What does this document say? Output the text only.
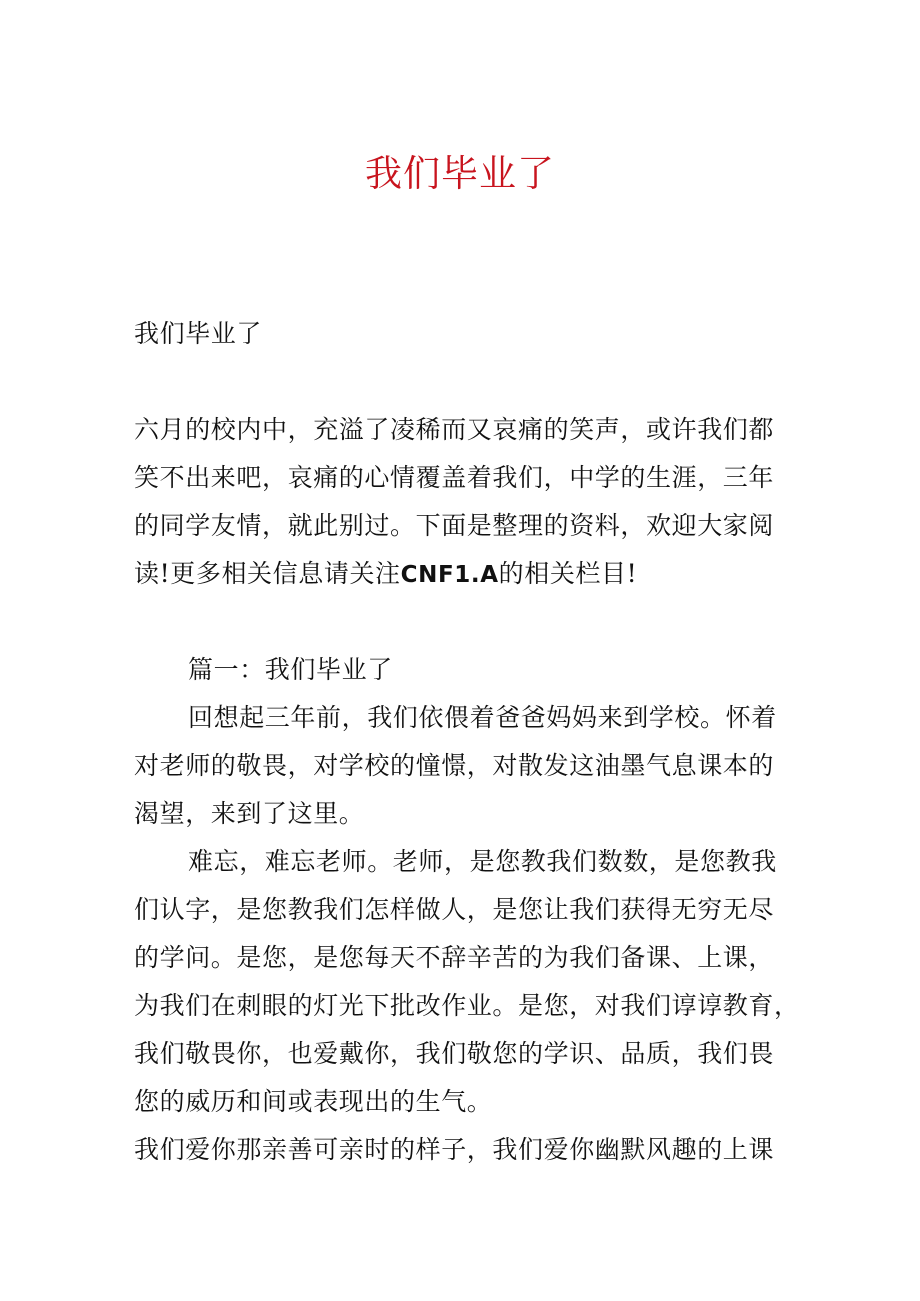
我们毕业了

我们毕业了

六月的校内中，充溢了凌稀而又哀痛的笑声，或许我们都
笑不出来吧，哀痛的心情覆盖着我们，中学的生涯，三年
的同学友情，就此别过。下面是整理的资料，欢迎大家阅
读!更多相关信息请关注CNF1.A的相关栏目!

篇一：我们毕业了
回想起三年前，我们依偎着爸爸妈妈来到学校。怀着
对老师的敬畏，对学校的憧憬，对散发这油墨气息课本的
渴望，来到了这里。
难忘，难忘老师。老师，是您教我们数数，是您教我
们认字，是您教我们怎样做人，是您让我们获得无穷无尽
的学问。是您，是您每天不辞辛苦的为我们备课、上课，
为我们在刺眼的灯光下批改作业。是您，对我们谆谆教育，
我们敬畏你，也爱戴你，我们敬您的学识、品质，我们畏
您的威历和间或表现出的生气。
我们爱你那亲善可亲时的样子，我们爱你幽默风趣的上课
